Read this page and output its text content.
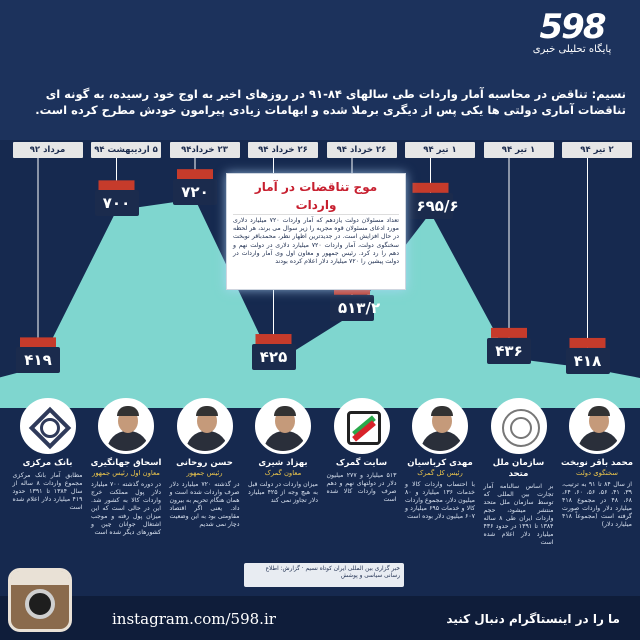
598
پایگاه تحلیلی خبری
نسیم: تناقض در محاسبه آمار واردات طی سالهای ۸۴-۹۱ در روزهای اخیر به اوج خود رسیده، به گونه ای تناقضات آماری دولتی ها یکی پس از دیگری برملا شده و ابهامات زیادی پیرامون خودش مطرح کرده است.
۲ تیر ۹۴
۱ تیر ۹۴
۱ تیر ۹۴
۲۶ خرداد ۹۴
۲۶ خرداد ۹۴
۲۳ خرداد۹۴
۵ اردیبهشت ۹۴
مرداد ۹۲
۴۱۹
۷۰۰
۷۲۰
۴۲۵
۵۱۳/۲
۶۹۵/۶
۴۳۶
۴۱۸
موج تناقضات در آمار واردات
تعداد مسئولان دولت یازدهم که آمار واردات ۷۲۰ میلیارد دلاری مورد ادعای مسئولان قوه مجریه را زیر سوال می برند، هر لحظه در حال افزایش است. در جدیدترین اظهار نظر، محمدباقر نوبخت سخنگوی دولت، آمار واردات ۷۲۰ میلیارد دلاری در دولت نهم و دهم را رد کرد. رئیس جمهور و معاون اول وی آمار واردات در دولت پیشین را ۷۲۰ میلیارد دلار اعلام کرده بودند
محمد باقر نوبخت
سخنگوی دولت
از سال ۸۴ تا ۹۱ به ترتیب، ۳۹، ۴۱، ۵۶، ۵۶، ۶۰، ۶۴، ۶۸، ۴۸ در مجموع ۴۱۸ میلیارد دلار واردات صورت گرفته است (مجموعاً ۴۱۸ میلیارد دلار)
سازمان ملل متحد
بر اساس سالنامه آمار تجارت بین المللی که توسط سازمان ملل متحد منتشر میشود، حجم واردات ایران طی ۸ ساله ۱۳۸۴ تا ۱۳۹۱ در حدود ۴۳۶ میلیارد دلار اعلام شده است
مهدی کرباسیان
رئیس کل گمرک
با احتساب واردات کالا و خدمات ۱۳۶ میلیارد و ۸۰ میلیون دلار، مجموع واردات کالا و خدمات ۶۹۵ میلیارد و ۶۰۷ میلیون دلار بوده است
سایت گمرک
۵۱۳ میلیارد و ۲۷۷ میلیون دلار در دولتهای نهم و دهم صرف واردات کالا شده است
بهزاد شیری
معاون گمرک
میزان واردات در دولت قبل به هیچ وجه از ۴۲۵ میلیارد دلار تجاوز نمی کند
حسن روحانی
رئیس جمهور
در گذشته ۷۲۰ میلیارد دلار صرف واردات شده است و همان هنگام تحریم به بیرون داد. یعنی اگر اقتصاد مقاومتی بود به این وضعیت دچار نمی شدیم
اسحاق جهانگیری
معاون اول رئیس جمهور
در دوره گذشته ۷۰۰ میلیارد دلار پول مملکت خرج واردات کالا به کشور شد. این در حالی است که این میزان پول رفته و موجب اشتغال جوانان چین و کشورهای دیگر شده است
بانک مرکزی
مطابق آمار بانک مرکزی مجموع واردات ۸ ساله از سال ۱۳۸۴ تا ۱۳۹۱ حدود ۴۱۹ میلیارد دلار اعلام شده است
خبر گزاری بین المللی ایران کوتاه نسیم · گزارش: اطلاع رسانی سیاسی و پوشش
instagram.com/598.ir	ما را در اینستاگرام دنبال کنید
